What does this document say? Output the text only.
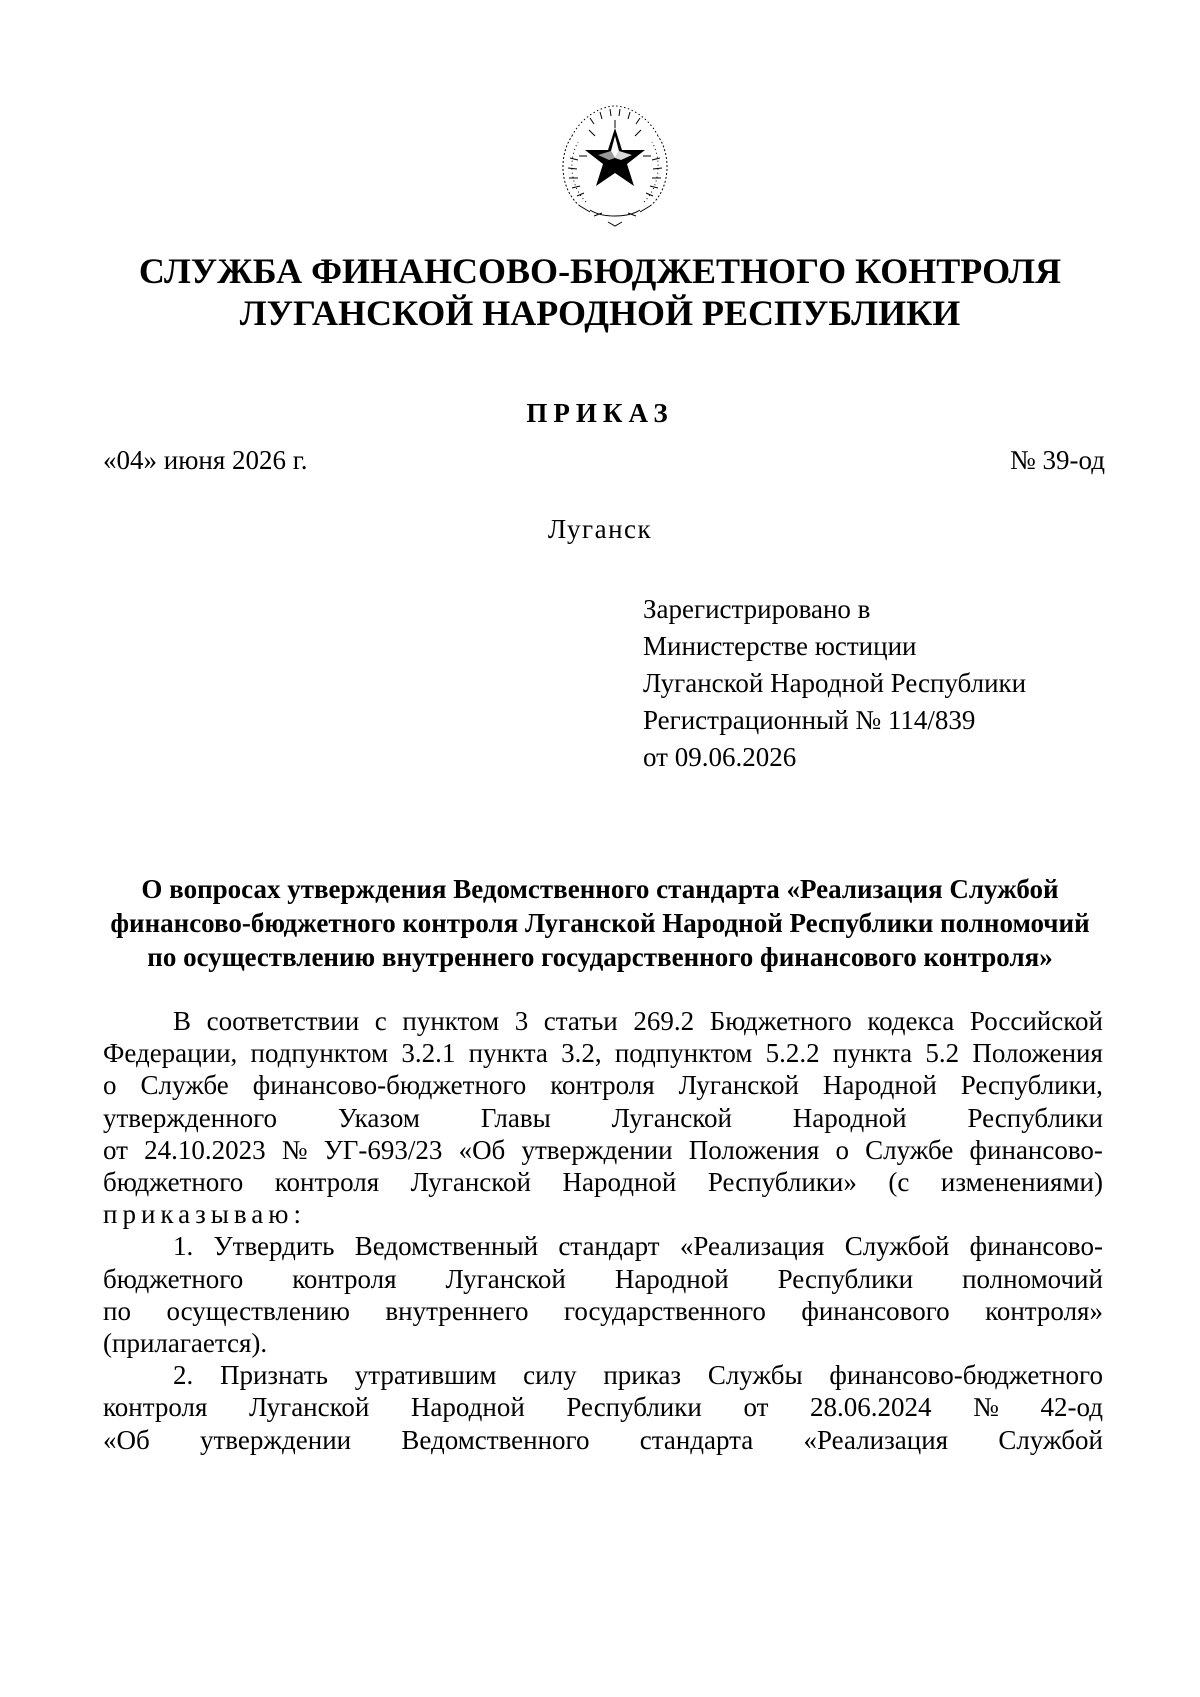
СЛУЖБА ФИНАНСОВО-БЮДЖЕТНОГО КОНТРОЛЯ
ЛУГАНСКОЙ НАРОДНОЙ РЕСПУБЛИКИ
ПРИКАЗ
«04» июня 2026 г.	№ 39-од
Луганск
Зарегистрировано в
Министерстве юстиции
Луганской Народной Республики
Регистрационный № 114/839
от 09.06.2026
О вопросах утверждения Ведомственного стандарта «Реализация Службой
финансово-бюджетного контроля Луганской Народной Республики полномочий
по осуществлению внутреннего государственного финансового контроля»
В соответствии с пунктом 3 статьи 269.2 Бюджетного кодекса Российской
Федерации, подпунктом 3.2.1 пункта 3.2, подпунктом 5.2.2 пункта 5.2 Положения
о Службе финансово-бюджетного контроля Луганской Народной Республики,
утвержденного Указом Главы Луганской Народной Республики
от 24.10.2023 № УГ-693/23 «Об утверждении Положения о Службе финансово-
бюджетного контроля Луганской Народной Республики» (с изменениями)
приказываю:
1. Утвердить Ведомственный стандарт «Реализация Службой финансово-
бюджетного контроля Луганской Народной Республики полномочий
по осуществлению внутреннего государственного финансового контроля»
(прилагается).
2. Признать утратившим силу приказ Службы финансово-бюджетного
контроля Луганской Народной Республики от 28.06.2024 № 42-од
«Об утверждении Ведомственного стандарта «Реализация Службой
